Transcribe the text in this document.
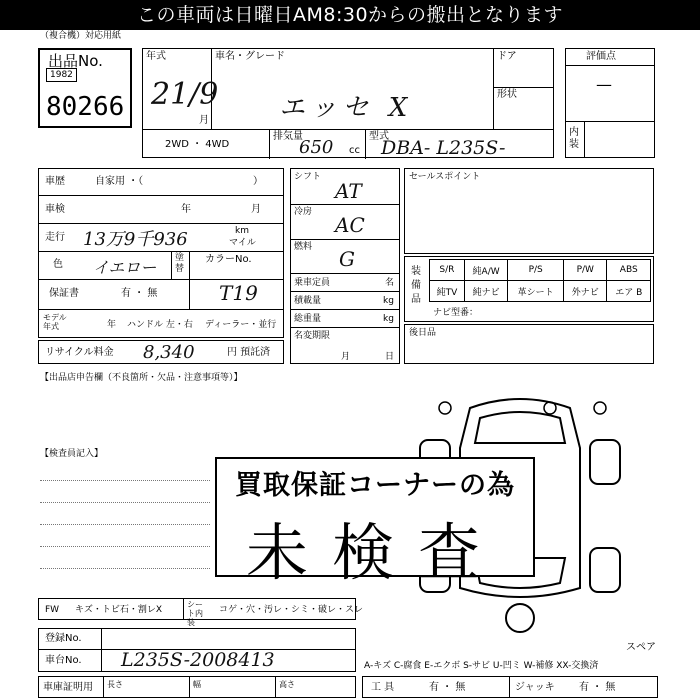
この車両は日曜日AM8:30からの搬出となります
（複合機）対応用紙
出品No.
1982
80266
年式
21/9
月
車名・グレード
エッセ X
ドア
形状
2WD ・ 4WD
排気量
650 cc
型式
DBA- L235S-
評価点
—
内装
車歴	自家用 ・（	）
車検	年	月
走行 13万9千936	km
マイル
色 イエロー 塗替
カラーNo.
T19
保証書	有 ・ 無
モデル年式	年 ハンドル 左・右 ディーラー・並行
リサイクル料金 8,340	円 預託済
シフト
AT
冷房
AC
燃料 G
乗車定員	名
積載量	kg
総重量	kg
名変期限
月	日
セールスポイント
装備品
S/R	純A/W	P/S	P/W	ABS
純TV	純ナビ	革シート	外ナビ	エア B
ナビ型番：
後日品
【出品店申告欄（不良箇所・欠品・注意事項等）】
【検査員記入】
買取保証コーナーの為
未検査
FW キズ・トビ石・割レX
シート内装
コゲ・穴・汚レ・シミ・破レ・スレ
登録No.
車台No. L235S-2008413
車庫証明用 長さ	幅	高さ
スペア
A-キズ C-腐食 E-エクボ S-サビ U-凹ミ W-補修 XX-交換済
工 具	有 ・ 無	ジャッキ 有 ・ 無
